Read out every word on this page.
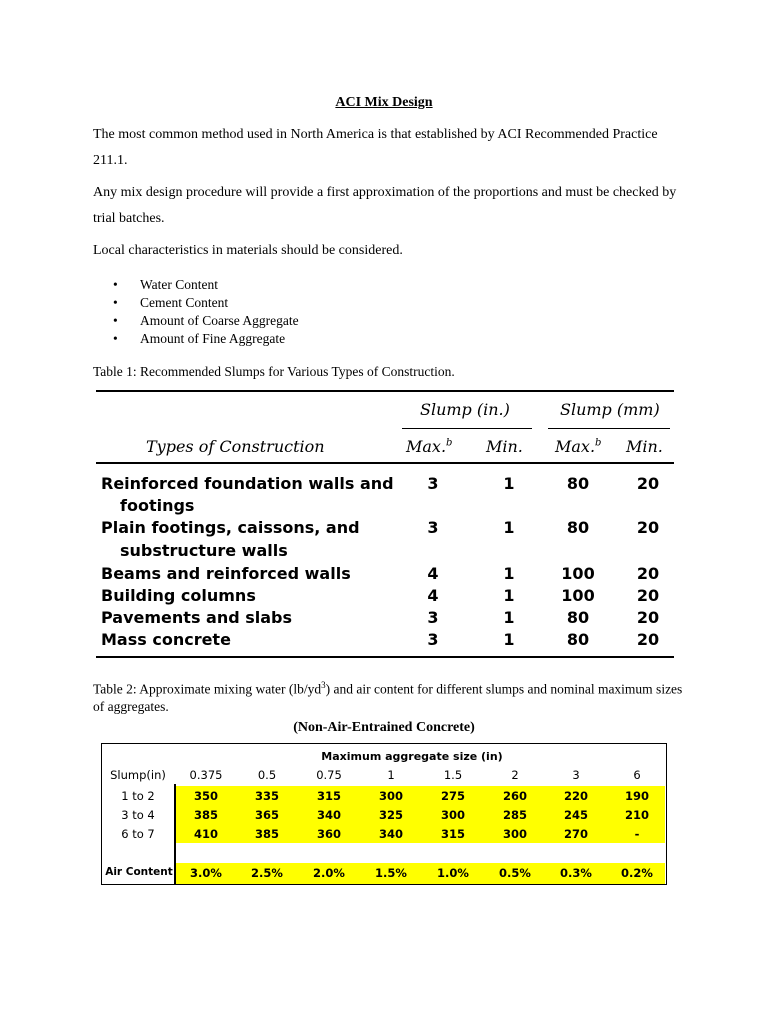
ACI Mix Design
The most common method used in North America is that established by ACI Recommended Practice 211.1.
Any mix design procedure will provide a first approximation of the proportions and must be checked by trial batches.
Local characteristics in materials should be considered.
• Water Content
• Cement Content
• Amount of Coarse Aggregate
• Amount of Fine Aggregate
Table 1: Recommended Slumps for Various Types of Construction.
Slump (in.)	Slump (mm)
Types of Construction	Max.$^b$ Min. Max.$^b$ Min.
Reinforced foundation walls and
footings
3	1	80	20
Plain footings, caissons, and
substructure walls
3	1	80	20
Beams and reinforced walls	4	1	100	20
Building columns	4	1	100	20
Pavements and slabs	3	1	80	20
Mass concrete	3	1	80	20
Table 2: Approximate mixing water $(lb/yd^3)$ and air content for different slumps and nominal maximum sizes of aggregates.
(Non-Air-Entrained Concrete)
Maximum aggregate size (in)
Slump(in)	0.375	0.5	0.75	1	1.5	2	3	6
1 to 2	350	335	315	300	275	260	220	190
3 to 4	385	365	340	325	300	285	245	210
6 to 7	410	385	360	340	315	300	270	-
Air Content	3.0%	2.5%	2.0%	1.5%	1.0%	0.5%	0.3%	0.2%
